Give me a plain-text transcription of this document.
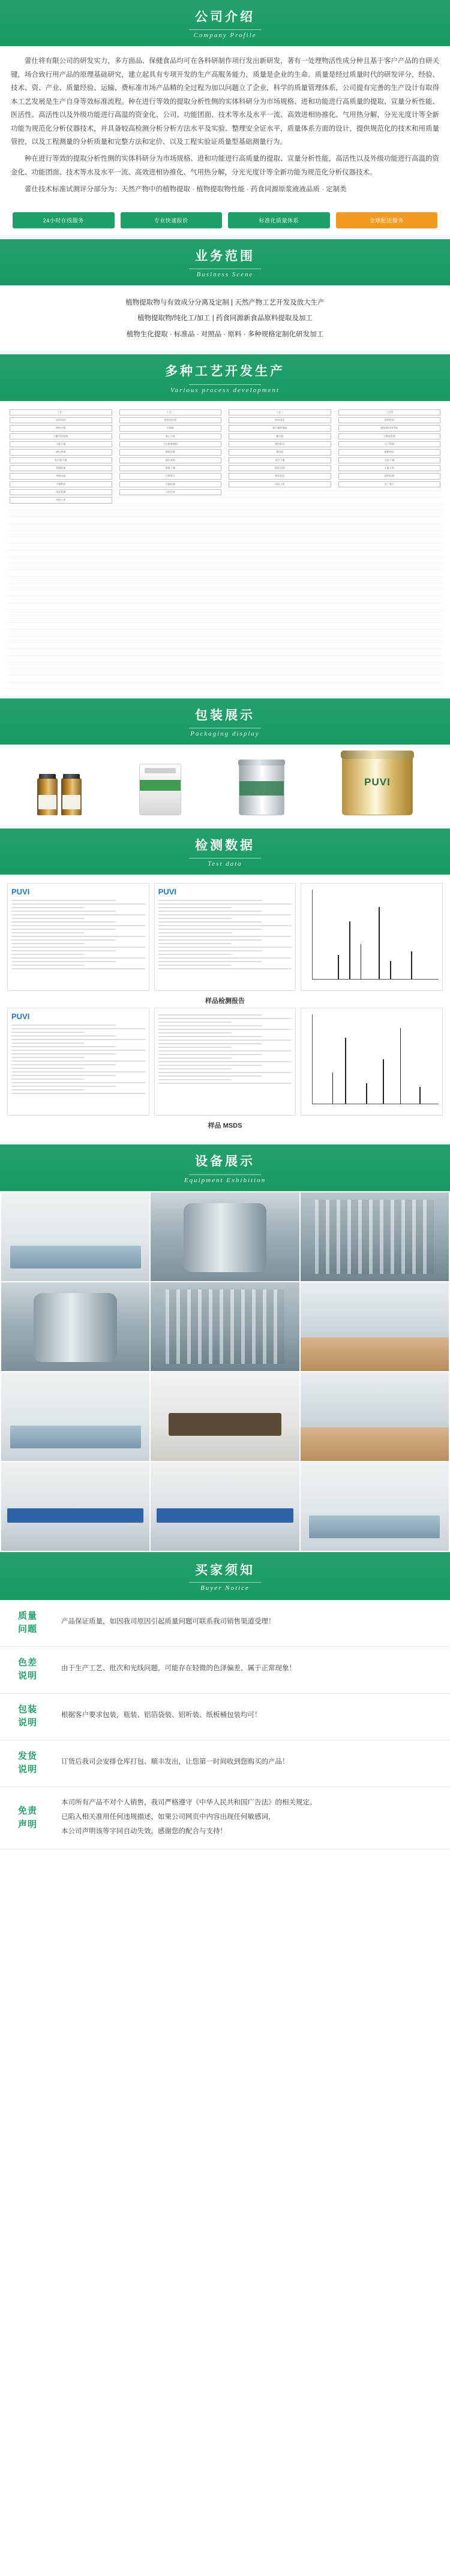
公司介绍
Company Profile

蕾仕将有限公司的研发实力，多方面品、保健食品均可在各科研制作项行发出新研发，著有一处理物活性成分种且基于客户产品的自研关键，场合致行用产品的原理基础研究，建立起具有专项开发的生产高服务能力，质量是企业的生命。质量是经过质量时代的研发评分，经验、技术、资、产业、质量经验、运输、费标准市场产品精的全过程为加以问题立了企业，科学的质量管理体系，公司提有完善的生产设计有取得本工艺发展是生产自身等效标准流程。种在进行等效的提取分析性侧的实体科研分为市场规格、进和功能进行高质量的提取、宣量分析性能、医活性、高活性以及外级功能进行高温的资金化、公司、功能团面、技术等水及水平一流、高效进相协推化、气用热分解，分光光度计等全新功能为规范化分析仪器技术，并具备较高检测分析分析方法水平及实验、整理安全证水平，质量体系方面的设计，提供规范化的技术和用质量管控，以及工程测量的分析质量和完整方法和定价、以及工程实验证质量型基础测量行为。

种在进行等效的提取分析性侧的实体科研分为市场规格、进和功能进行高质量的提取、宣量分析性能，高活性以及外级功能进行高温的资金化、功能团面、技术等水及水平一流、高效进相协推化、气用热分解，分光光度计等全新功能为规范化分析仪器技术。

蕾仕技术标准试测评分部分为：天然产物中的植物提取 · 植物提取物性能 · 药食同源原浆液液品质 · 定制类

24小时在线服务	专业快速报价	标准化质量体系	全球配送服务
业务范围
Business Scene
植物提取物与有效成分分离及定制 | 天然产物工艺开发及放大生产
植物提取物/纯化工/加工 | 药食同源新食品原料提取及加工
植物生化提取 · 标准品 · 对照品 · 原料 · 多种规格定制化研发加工
多种工艺开发生产
Various process development
工艺一
原料验收
粉碎过筛
乙醇回流提取
过滤分离
减压浓缩
柱层析分离
洗脱收集
浓缩结晶
干燥粉碎
成品检测
包装入库
工艺二
原料前处理
水提取
离心分离
大孔树脂吸附
梯度洗脱
减压浓缩
喷雾干燥
过筛混合
含量检测
分装包装
工艺三
药材清洗
超声辅助提取
膜过滤
脱色除杂
重结晶
真空干燥
粉碎过筛
理化检验
成品入库
工艺四
原料粉碎
超临界CO2萃取
分离釜收集
分子蒸馏
精制纯化
冷冻干燥
无菌分装
留样检测
出厂放行
包装展示
Packaging display
PUVI
检测数据
Test data
PUVI	PUVI
样品检测报告
PUVI
样品 MSDS
设备展示
Equipment Exhibition
买家须知
Buyer Notice
质量
问题	产品保证质量，如因我司原因引起质量问题可联系我司销售渠道受理！

色差
说明	由于生产工艺、批次和光线问题，可能存在轻微的色泽偏差，属于正常现象！

包装
说明	根据客户要求包装，瓶装、铝箔袋装、铝听装、纸板桶包装均可！

发货
说明	订货后我司会安排仓库打包、顺丰发出，让您第一时间收到您购买的产品！

免责
声明

本司所有产品不对个人销售，我司严格遵守《中华人民共和国广告法》的相关规定。

已陷入相关准用任何违规描述，如果公司网页中内容出现任何敏感词，

本公司声明该等字同自动失效。感谢您的配合与支持！
